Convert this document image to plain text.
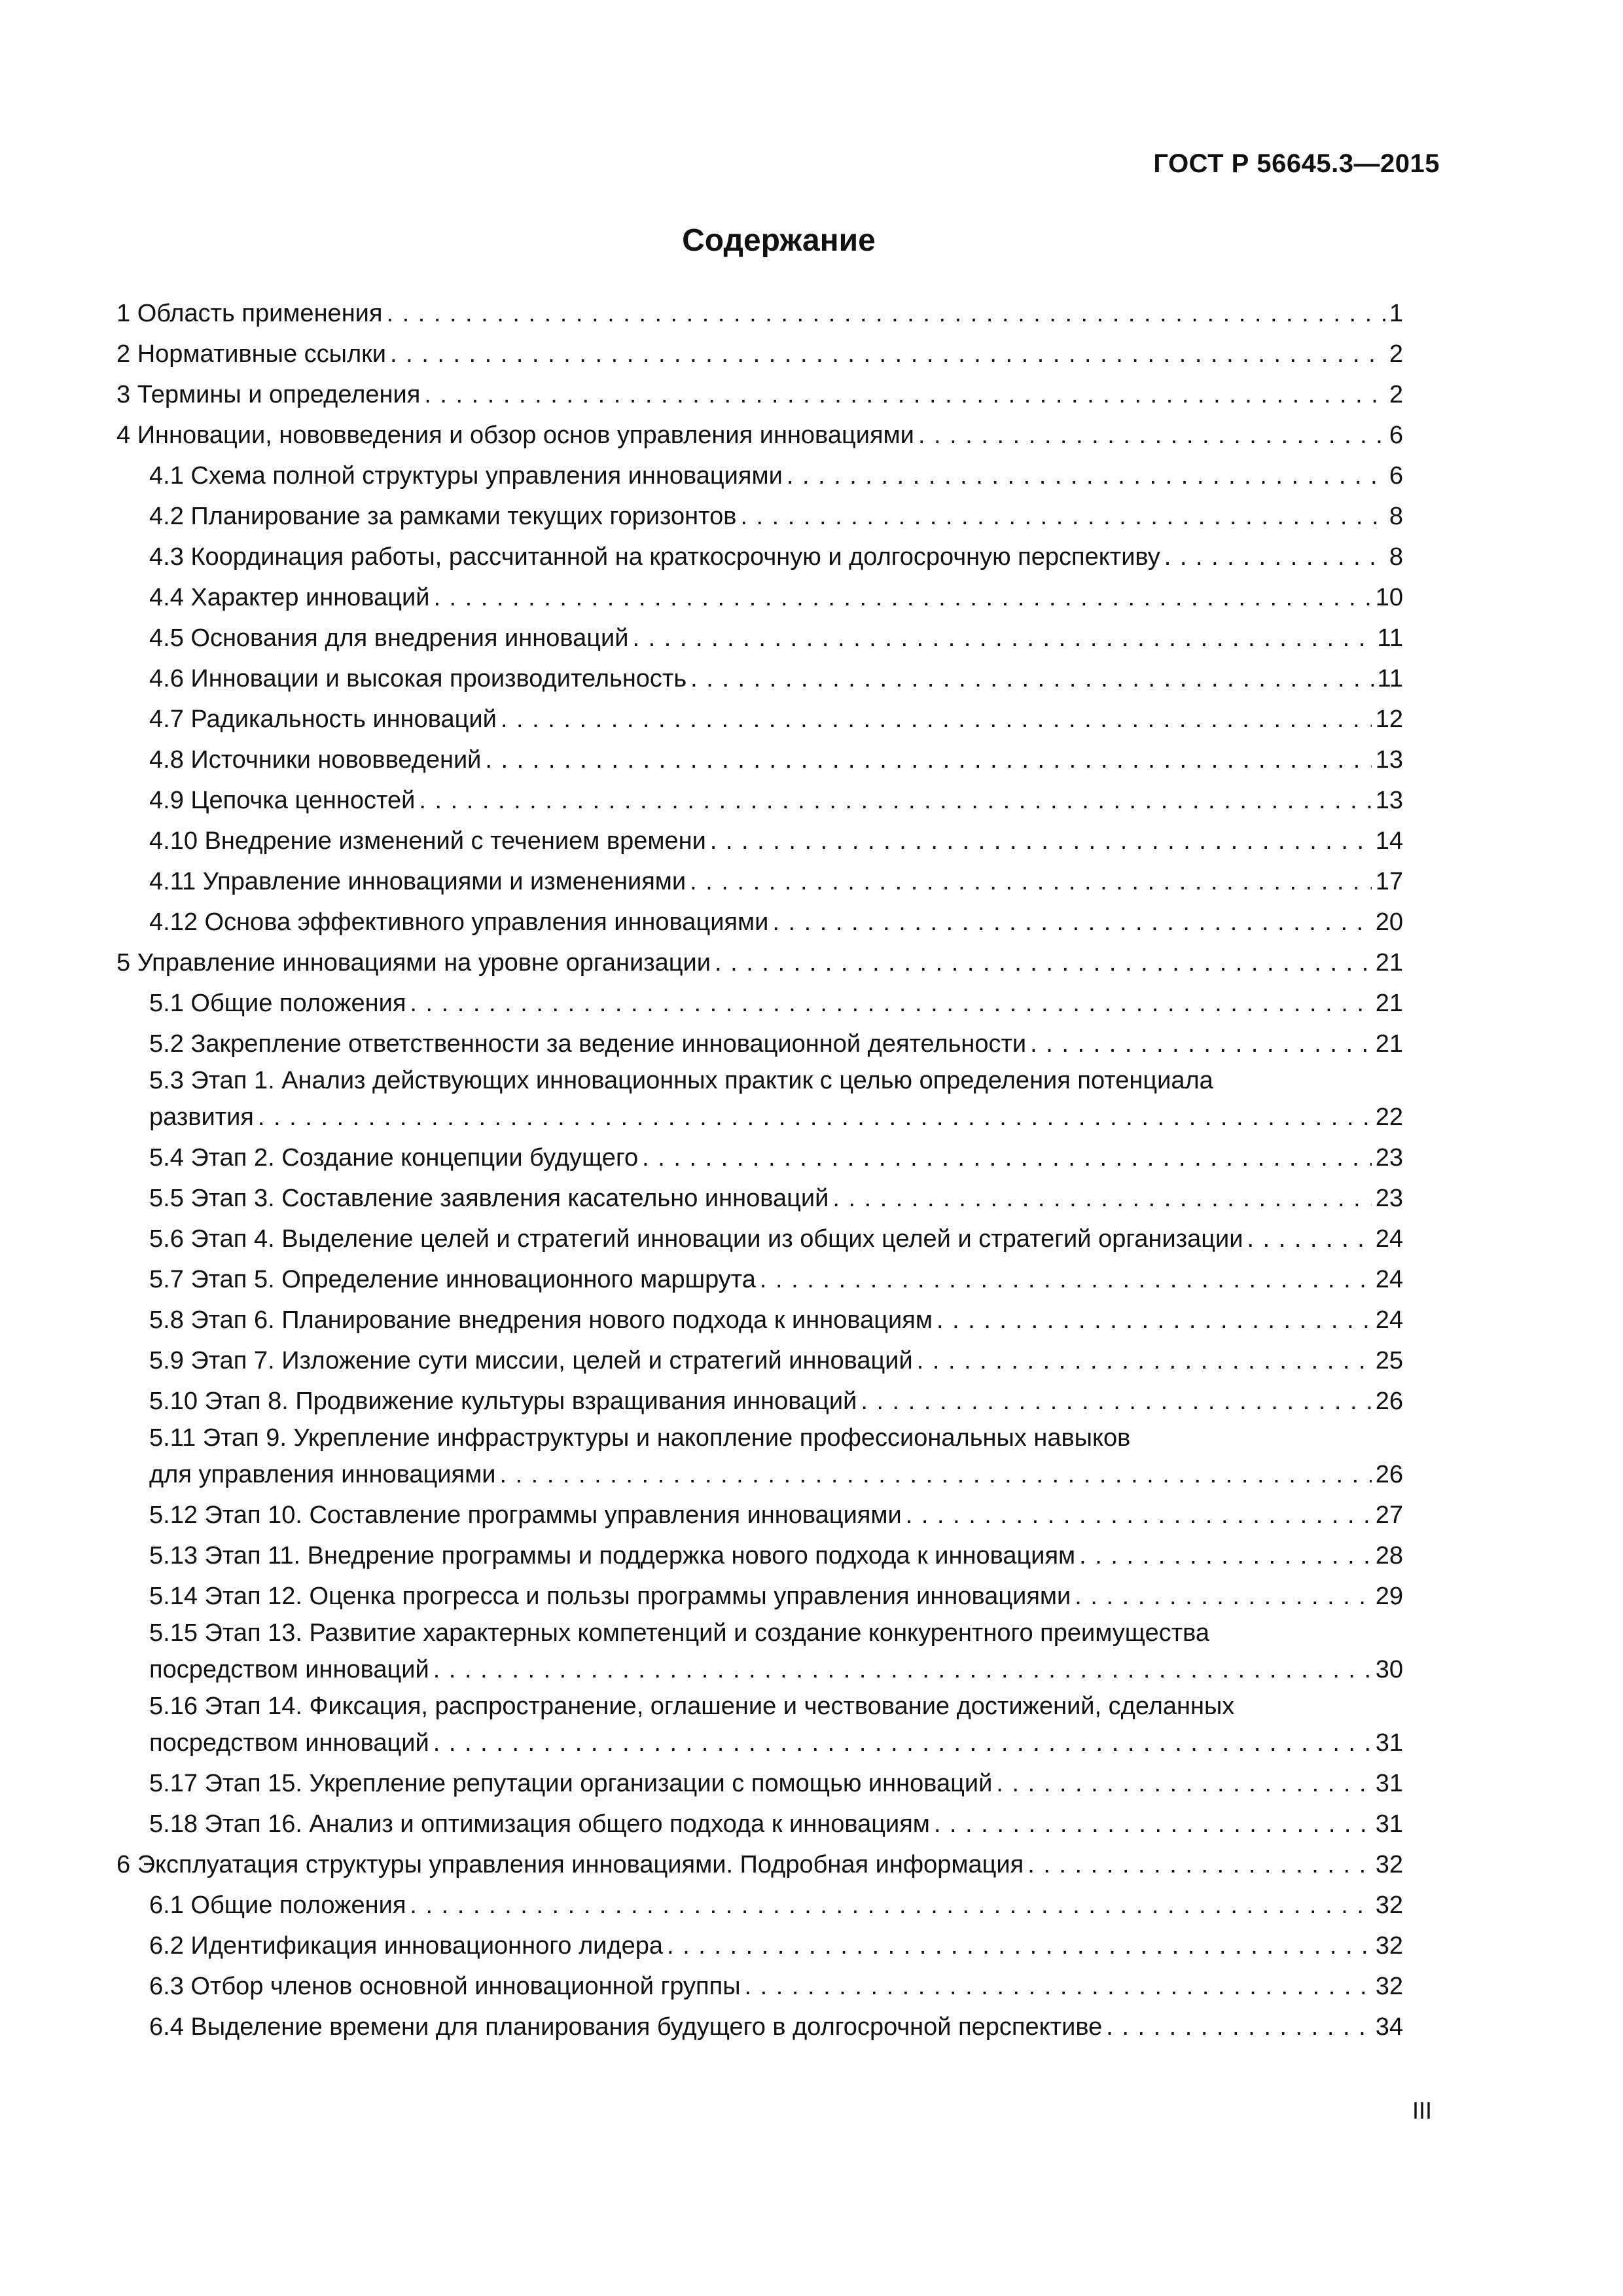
ГОСТ Р 56645.3—2015
Содержание
1 Область применения . . .	1
2 Нормативные ссылки . . .	2
3 Термины и определения . . .	2
4 Инновации, нововведения и обзор основ управления инновациями . . .	6
4.1 Схема полной структуры управления инновациями . . .	6
4.2 Планирование за рамками текущих горизонтов . . .	8
4.3 Координация работы, рассчитанной на краткосрочную и долгосрочную перспективу . . .	8
4.4 Характер инноваций . . .	10
4.5 Основания для внедрения инноваций . . .	11
4.6 Инновации и высокая производительность . . .	11
4.7 Радикальность инноваций . . .	12
4.8 Источники нововведений . . .	13
4.9 Цепочка ценностей . . .	13
4.10 Внедрение изменений с течением времени . . .	14
4.11 Управление инновациями и изменениями . . .	17
4.12 Основа эффективного управления инновациями . . .	20
5 Управление инновациями на уровне организации . . .	21
5.1 Общие положения . . .	21
5.2 Закрепление ответственности за ведение инновационной деятельности . . .	21
5.3 Этап 1. Анализ действующих инновационных практик с целью определения потенциала
развития . . .	22
5.4 Этап 2. Создание концепции будущего . . .	23
5.5 Этап 3. Составление заявления касательно инноваций . . .	23
5.6 Этап 4. Выделение целей и стратегий инновации из общих целей и стратегий организации . . .	24
5.7 Этап 5. Определение инновационного маршрута . . .	24
5.8 Этап 6. Планирование внедрения нового подхода к инновациям . . .	24
5.9 Этап 7. Изложение сути миссии, целей и стратегий инноваций . . .	25
5.10 Этап 8. Продвижение культуры взращивания инноваций . . .	26
5.11 Этап 9. Укрепление инфраструктуры и накопление профессиональных навыков
для управления инновациями . . .	26
5.12 Этап 10. Составление программы управления инновациями . . .	27
5.13 Этап 11. Внедрение программы и поддержка нового подхода к инновациям . . .	28
5.14 Этап 12. Оценка прогресса и пользы программы управления инновациями . . .	29
5.15 Этап 13. Развитие характерных компетенций и создание конкурентного преимущества
посредством инноваций . . .	30
5.16 Этап 14. Фиксация, распространение, оглашение и чествование достижений, сделанных
посредством инноваций . . .	31
5.17 Этап 15. Укрепление репутации организации с помощью инноваций . . .	31
5.18 Этап 16. Анализ и оптимизация общего подхода к инновациям . . .	31
6 Эксплуатация структуры управления инновациями. Подробная информация . . .	32
6.1 Общие положения . . .	32
6.2 Идентификация инновационного лидера . . .	32
6.3 Отбор членов основной инновационной группы . . .	32
6.4 Выделение времени для планирования будущего в долгосрочной перспективе . . .	34
III
